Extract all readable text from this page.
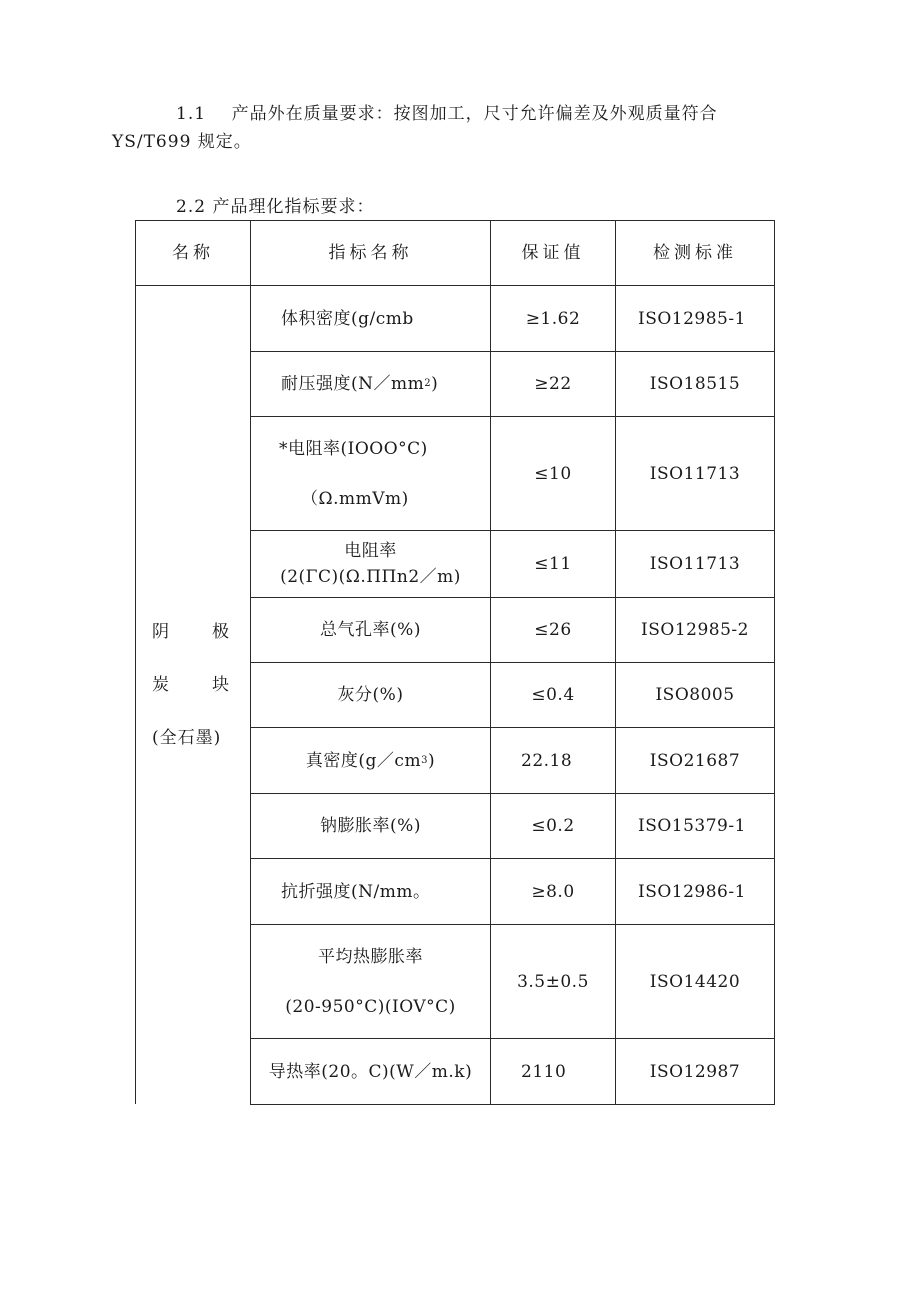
1.1 产品外在质量要求：按图加工，尺寸允许偏差及外观质量符合
YS/T699 规定。
2.2 产品理化指标要求：
名称	指标名称	保证值	检测标准
阴 极
炭 块
(全石墨)
体积密度(g/cmb	≥1.62	ISO12985-1
耐压强度(N／mm 2 )	≥22	ISO18515
*电阻率(IOOO°C)
（Ω.mmVm)
≤10	ISO11713
电阻率
(2(ΓC)(Ω.ΠΠn2／m)
≤11	ISO11713
总气孔率(%)	≤26	ISO12985-2
灰分(%)	≤0.4	ISO8005
真密度(g／cm 3 )	22.18	ISO21687
钠膨胀率(%)	≤0.2	ISO15379-1
抗折强度(N/mm。	≥8.0	ISO12986-1
平均热膨胀率
(20-950°C)(IOV°C)
3.5±0.5	ISO14420
导热率(20。C)(W／m.k)	2110	ISO12987
